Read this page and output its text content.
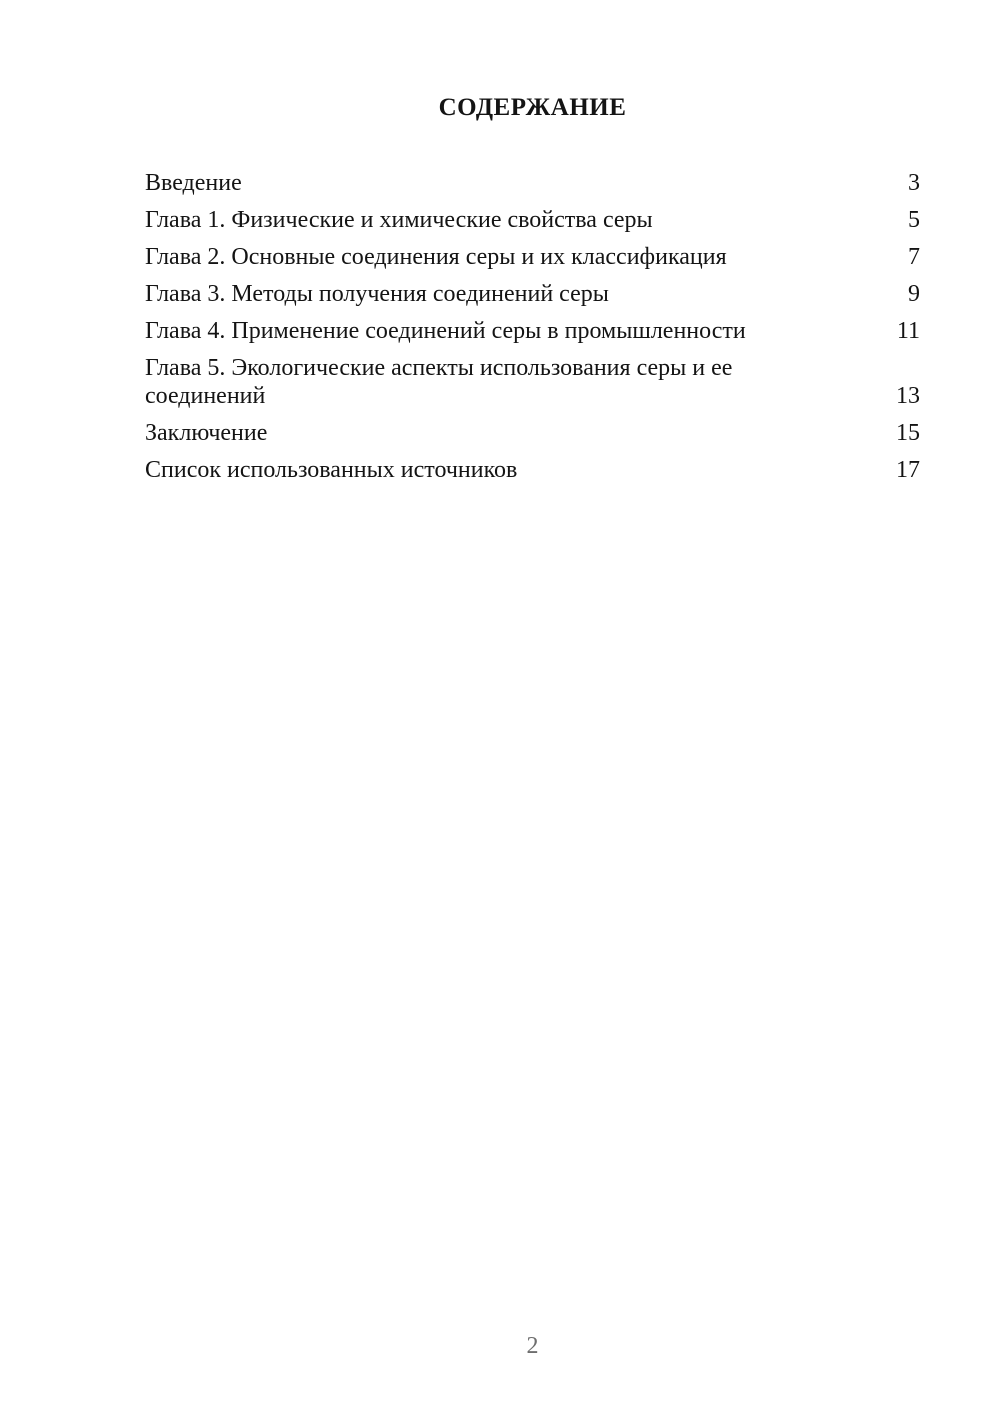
СОДЕРЖАНИЕ
Введение	3
Глава 1. Физические и химические свойства серы	5
Глава 2. Основные соединения серы и их классификация	7
Глава 3. Методы получения соединений серы	9
Глава 4. Применение соединений серы в промышленности	11
Глава 5. Экологические аспекты использования серы и ее соединений	13
Заключение	15
Список использованных источников	17
2
